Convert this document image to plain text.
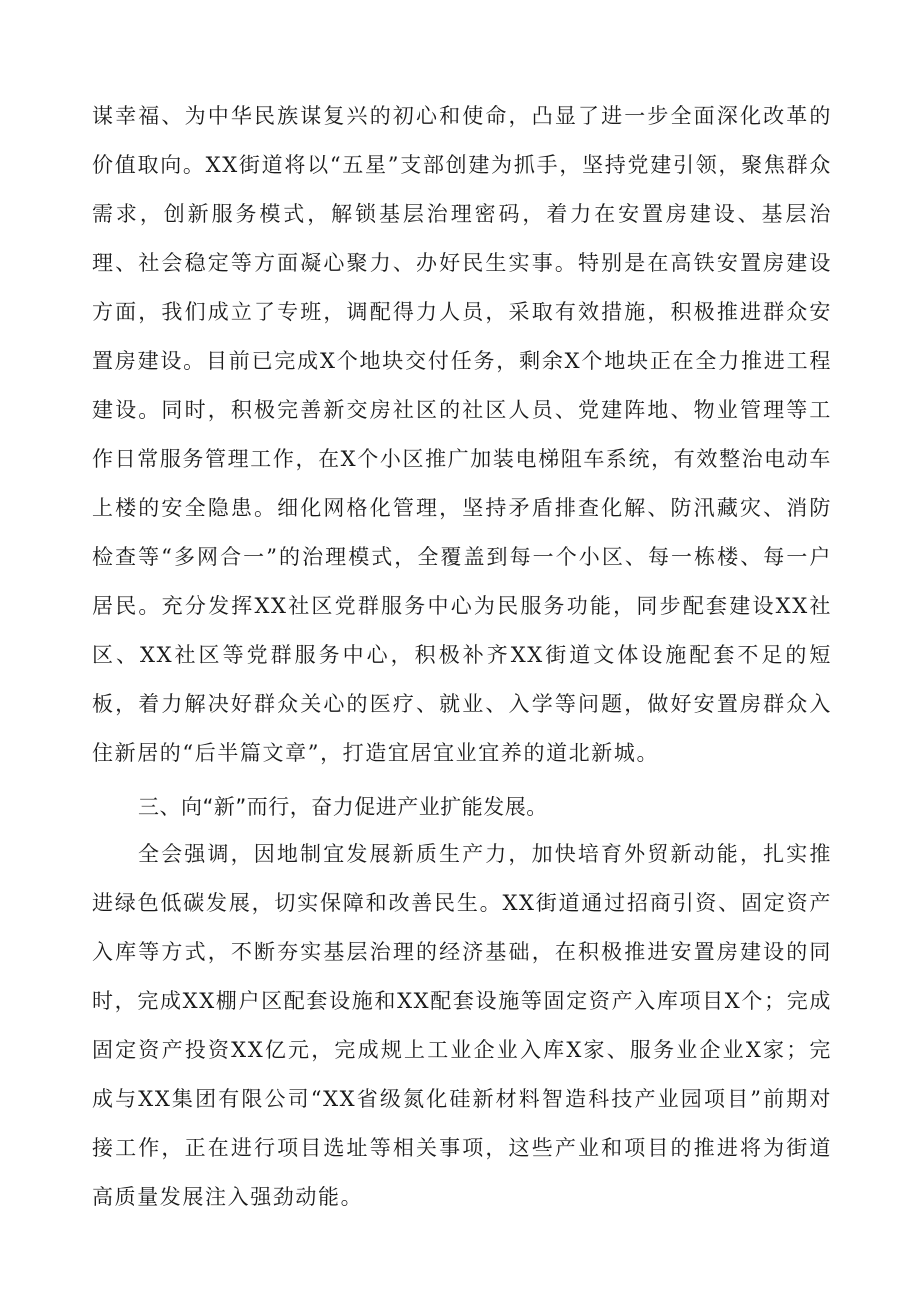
谋幸福、为中华民族谋复兴的初心和使命，凸显了进一步全面深化改革的价值取向。XX街道将以“五星”支部创建为抓手，坚持党建引领，聚焦群众需求，创新服务模式，解锁基层治理密码，着力在安置房建设、基层治理、社会稳定等方面凝心聚力、办好民生实事。特别是在高铁安置房建设方面，我们成立了专班，调配得力人员，采取有效措施，积极推进群众安置房建设。目前已完成X个地块交付任务，剩余X个地块正在全力推进工程建设。同时，积极完善新交房社区的社区人员、党建阵地、物业管理等工作日常服务管理工作，在X个小区推广加装电梯阻车系统，有效整治电动车上楼的安全隐患。细化网格化管理，坚持矛盾排查化解、防汛藏灾、消防检查等“多网合一”的治理模式，全覆盖到每一个小区、每一栋楼、每一户居民。充分发挥XX社区党群服务中心为民服务功能，同步配套建设XX社区、XX社区等党群服务中心，积极补齐XX街道文体设施配套不足的短板，着力解决好群众关心的医疗、就业、入学等问题，做好安置房群众入住新居的“后半篇文章”，打造宜居宜业宜养的道北新城。

三、向“新”而行，奋力促进产业扩能发展。

全会强调，因地制宜发展新质生产力，加快培育外贸新动能，扎实推进绿色低碳发展，切实保障和改善民生。XX街道通过招商引资、固定资产入库等方式，不断夯实基层治理的经济基础，在积极推进安置房建设的同时，完成XX棚户区配套设施和XX配套设施等固定资产入库项目X个；完成固定资产投资XX亿元，完成规上工业企业入库X家、服务业企业X家；完成与XX集团有限公司“XX省级氮化硅新材料智造科技产业园项目”前期对接工作，正在进行项目选址等相关事项，这些产业和项目的推进将为街道高质量发展注入强劲动能。
